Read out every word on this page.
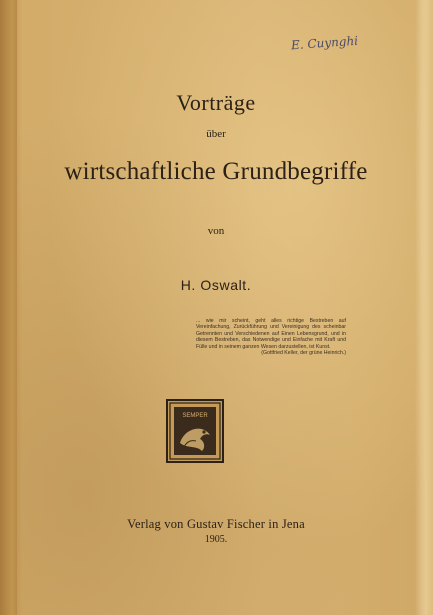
E. Cuynghi
Vorträge
über
wirtschaftliche Grundbegriffe
von
H. Oswalt.
... wie mir scheint, geht alles richtige Bestreben auf Vereinfachung, Zurückführung und Vereinigung des scheinbar Getrennten und Verschiedenen auf Einen Lebensgrund, und in diesem Bestreben, das Notwendige und Einfache mit Kraft und Fülle und in seinem ganzen Wesen darzustellen, ist Kunst.
(Gottfried Keller, der grüne Heinrich.)
SEMPER
Verlag von Gustav Fischer in Jena
1905.
